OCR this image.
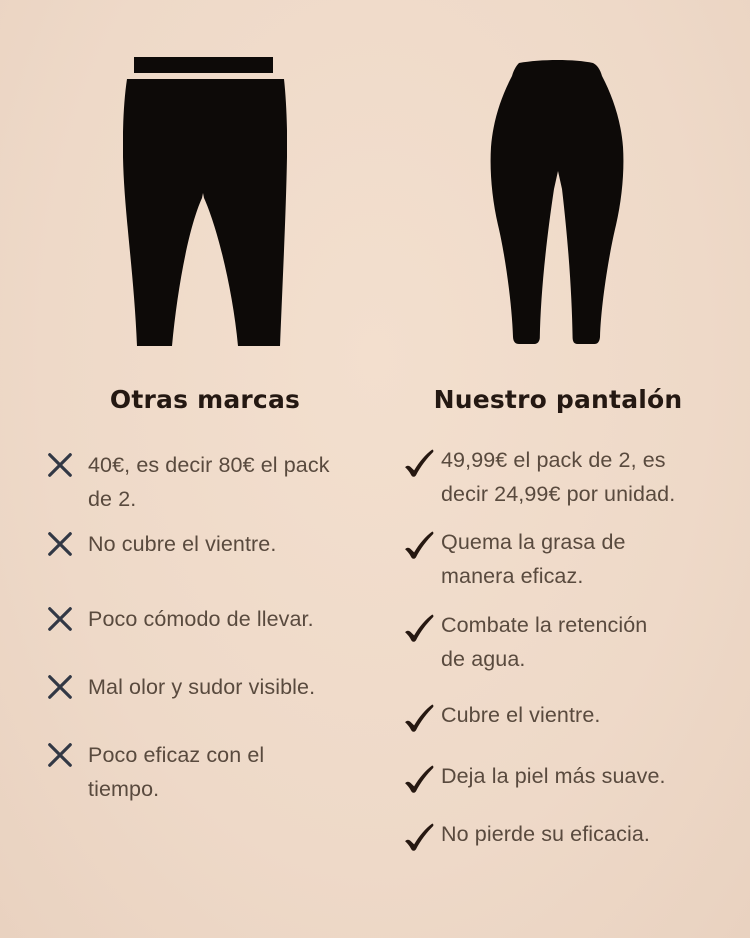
Otras marcas	Nuestro pantalón

40€, es decir 80€ el pack
de 2.

No cubre el vientre.

Poco cómodo de llevar.

Mal olor y sudor visible.

Poco eficaz con el
tiempo.

49,99€ el pack de 2, es
decir 24,99€ por unidad.

Quema la grasa de
manera eficaz.

Combate la retención
de agua.

Cubre el vientre.

Deja la piel más suave.

No pierde su eficacia.
